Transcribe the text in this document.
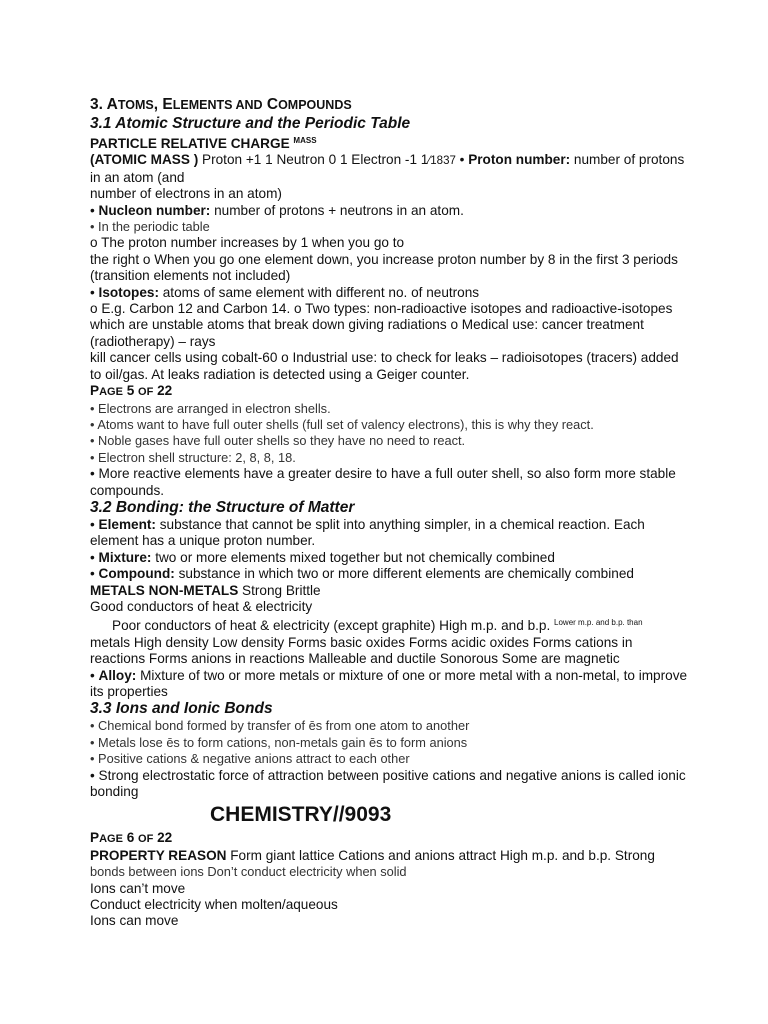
3. ATOMS, ELEMENTS AND COMPOUNDS
3.1 Atomic Structure and the Periodic Table
PARTICLE RELATIVE CHARGE $^{MASS}$
(ATOMIC MASS ) Proton +1 1 Neutron 0 1 Electron -1 1⁄1837 • Proton number: number of protons in an atom (and
number of electrons in an atom)
• Nucleon number: number of protons + neutrons in an atom.
• In the periodic table
o The proton number increases by 1 when you go to
the right o When you go one element down, you increase proton number by 8 in the first 3 periods (transition elements not included)
• Isotopes: atoms of same element with different no. of neutrons
o E.g. Carbon 12 and Carbon 14. o Two types: non-radioactive isotopes and radioactive-isotopes which are unstable atoms that break down giving radiations o Medical use: cancer treatment (radiotherapy) – rays
kill cancer cells using cobalt-60 o Industrial use: to check for leaks – radioisotopes (tracers) added to oil/gas. At leaks radiation is detected using a Geiger counter.
PAGE 5 OF 22
• Electrons are arranged in electron shells.
• Atoms want to have full outer shells (full set of valency electrons), this is why they react.
• Noble gases have full outer shells so they have no need to react.
• Electron shell structure: 2, 8, 8, 18.
• More reactive elements have a greater desire to have a full outer shell, so also form more stable compounds.
3.2 Bonding: the Structure of Matter
• Element: substance that cannot be split into anything simpler, in a chemical reaction. Each element has a unique proton number.
• Mixture: two or more elements mixed together but not chemically combined
• Compound: substance in which two or more different elements are chemically combined
METALS NON-METALS Strong Brittle
Good conductors of heat & electricity
Poor conductors of heat & electricity (except graphite) High m.p. and b.p. $^{Lower m.p. and b.p. than}$
metals High density Low density Forms basic oxides Forms acidic oxides Forms cations in reactions Forms anions in reactions Malleable and ductile Sonorous Some are magnetic
• Alloy: Mixture of two or more metals or mixture of one or more metal with a non-metal, to improve its properties
3.3 Ions and Ionic Bonds
• Chemical bond formed by transfer of ēs from one atom to another
• Metals lose ēs to form cations, non-metals gain ēs to form anions
• Positive cations & negative anions attract to each other
• Strong electrostatic force of attraction between positive cations and negative anions is called ionic bonding
CHEMISTRY//9093
PAGE 6 OF 22
PROPERTY REASON Form giant lattice Cations and anions attract High m.p. and b.p. Strong
bonds between ions Don’t conduct electricity when solid
Ions can’t move
Conduct electricity when molten/aqueous
Ions can move
